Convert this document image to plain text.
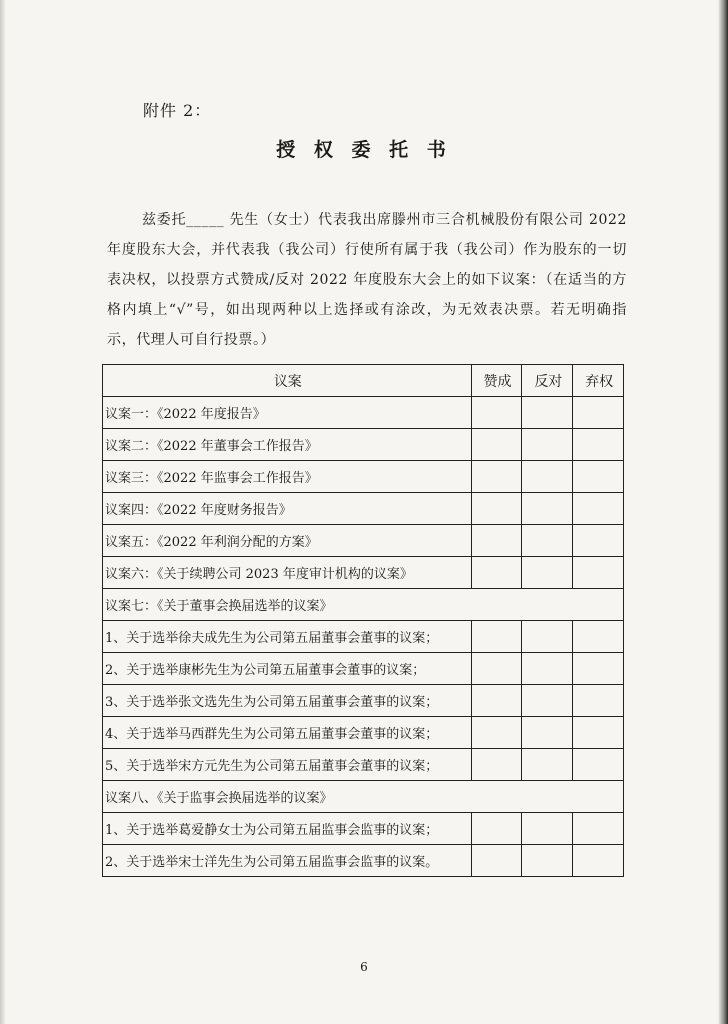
附件 2：
授 权 委 托 书
兹委托_____ 先生（女士）代表我出席滕州市三合机械股份有限公司 2022 年度股东大会，并代表我（我公司）行使所有属于我（我公司）作为股东的一切表决权，以投票方式赞成/反对 2022 年度股东大会上的如下议案：（在适当的方格内填上“√”号，如出现两种以上选择或有涂改，为无效表决票。若无明确指示，代理人可自行投票。）
议案	赞成	反对	弃权
议案一：《2022 年度报告》			
议案二：《2022 年董事会工作报告》			
议案三：《2022 年监事会工作报告》			
议案四：《2022 年度财务报告》			
议案五：《2022 年利润分配的方案》			
议案六：《关于续聘公司 2023 年度审计机构的议案》			
议案七：《关于董事会换届选举的议案》			
1、关于选举徐夫成先生为公司第五届董事会董事的议案；			
2、关于选举康彬先生为公司第五届董事会董事的议案；			
3、关于选举张文选先生为公司第五届董事会董事的议案；			
4、关于选举马西群先生为公司第五届董事会董事的议案；			
5、关于选举宋方元先生为公司第五届董事会董事的议案；			
议案八、《关于监事会换届选举的议案》			
1、关于选举葛爱静女士为公司第五届监事会监事的议案；			
2、关于选举宋士洋先生为公司第五届监事会监事的议案。			
6
